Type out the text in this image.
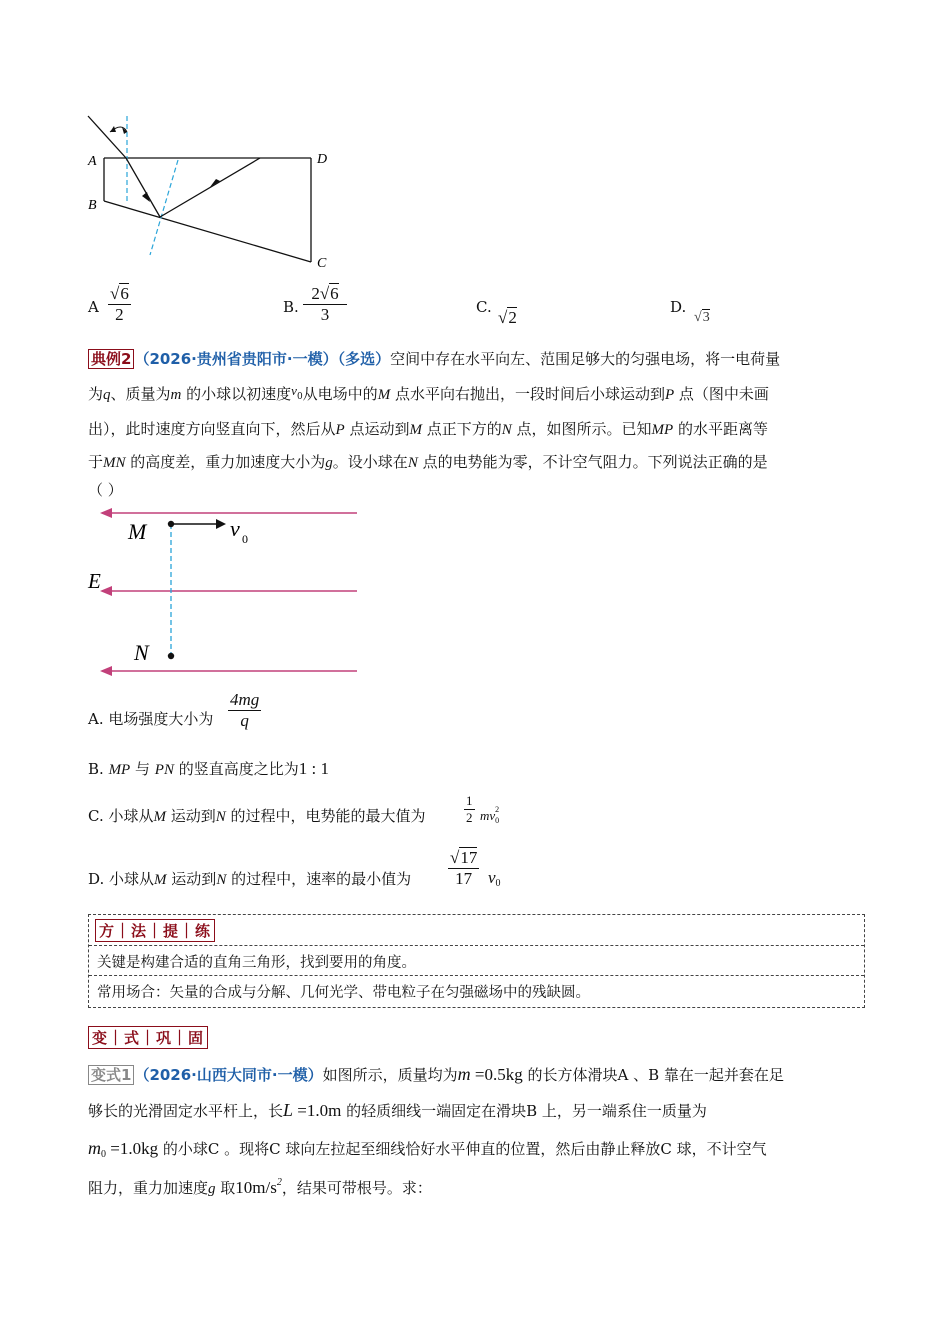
A
B
D
C
A $\frac{√6}{2}$	B. $\frac{2√6}{3}$	C.
√2
D.
√3
典例2 （2026·贵州省贵阳市·一模）（多选）空间中存在水平向左、范围足够大的匀强电场，将一电荷量
为q、质量为m 的小球以初速度v0从电场中的M 点水平向右抛出，一段时间后小球运动到P 点（图中未画
出），此时速度方向竖直向下，然后从P 点运动到M 点正下方的N 点，如图所示。已知MP 的水平距离等
于MN 的高度差，重力加速度大小为g。设小球在N 点的电势能为零，不计空气阻力。下列说法正确的是
（ ）
M
E
N
v 0
A. 电场强度大小为 $\frac{4mg}{q}$
B. MP 与 PN 的竖直高度之比为1 : 1
C. 小球从M 运动到N 的过程中，电势能的最大值为	$\frac{1}{2} mv_0^2$
D. 小球从M 运动到N 的过程中，速率的最小值为 $\frac{√17}{17} v0$
方｜法｜提｜练
关键是构建合适的直角三角形，找到要用的角度。
常用场合：矢量的合成与分解、几何光学、带电粒子在匀强磁场中的残缺圆。
变｜式｜巩｜固
变式1 （2026·山西大同市·一模）如图所示，质量均为m =0.5kg 的长方体滑块A 、B 靠在一起并套在足
够长的光滑固定水平杆上，长L =1.0m 的轻质细线一端固定在滑块B 上，另一端系住一质量为
$m_0 =1.0kg$ 的小球C 。现将C 球向左拉起至细线恰好水平伸直的位置，然后由静止释放C 球，不计空气
阻力，重力加速度g 取$10m/s^2$，结果可带根号。求：
